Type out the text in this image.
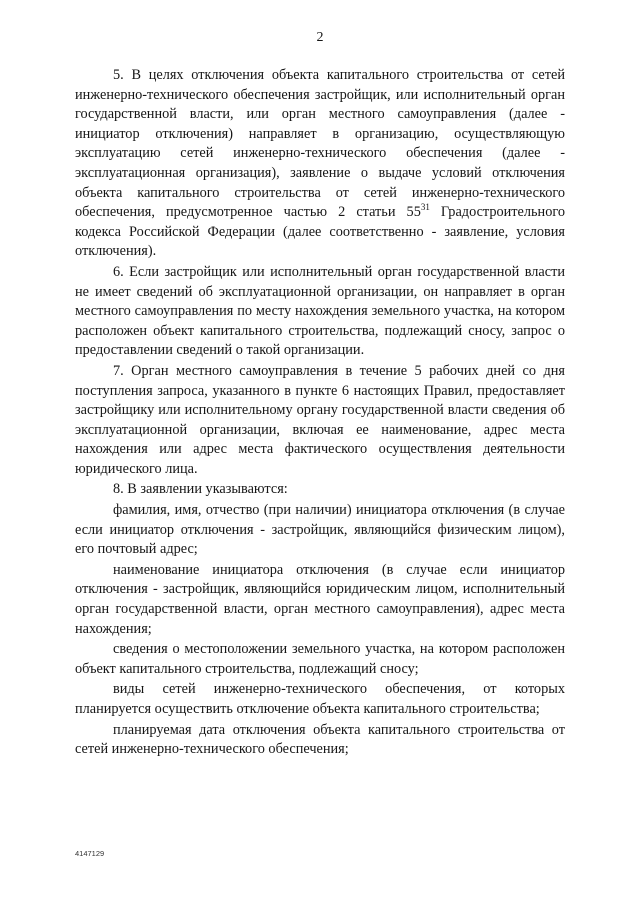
2

5. В целях отключения объекта капитального строительства от сетей инженерно-технического обеспечения застройщик, или исполнительный орган государственной власти, или орган местного самоуправления (далее - инициатор отключения) направляет в организацию, осуществляющую эксплуатацию сетей инженерно-технического обеспечения (далее - эксплуатационная организация), заявление о выдаче условий отключения объекта капитального строительства от сетей инженерно-технического обеспечения, предусмотренное частью 2 статьи $55^{31}$ Градостроительного кодекса Российской Федерации (далее соответственно - заявление, условия отключения).

6. Если застройщик или исполнительный орган государственной власти не имеет сведений об эксплуатационной организации, он направляет в орган местного самоуправления по месту нахождения земельного участка, на котором расположен объект капитального строительства, подлежащий сносу, запрос о предоставлении сведений о такой организации.

7. Орган местного самоуправления в течение 5 рабочих дней со дня поступления запроса, указанного в пункте 6 настоящих Правил, предоставляет застройщику или исполнительному органу государственной власти сведения об эксплуатационной организации, включая ее наименование, адрес места нахождения или адрес места фактического осуществления деятельности юридического лица.

8. В заявлении указываются:

фамилия, имя, отчество (при наличии) инициатора отключения (в случае если инициатор отключения - застройщик, являющийся физическим лицом), его почтовый адрес;

наименование инициатора отключения (в случае если инициатор отключения - застройщик, являющийся юридическим лицом, исполнительный орган государственной власти, орган местного самоуправления), адрес места нахождения;

сведения о местоположении земельного участка, на котором расположен объект капитального строительства, подлежащий сносу;

виды сетей инженерно-технического обеспечения, от которых планируется осуществить отключение объекта капитального строительства;

планируемая дата отключения объекта капитального строительства от сетей инженерно-технического обеспечения;

4147129
